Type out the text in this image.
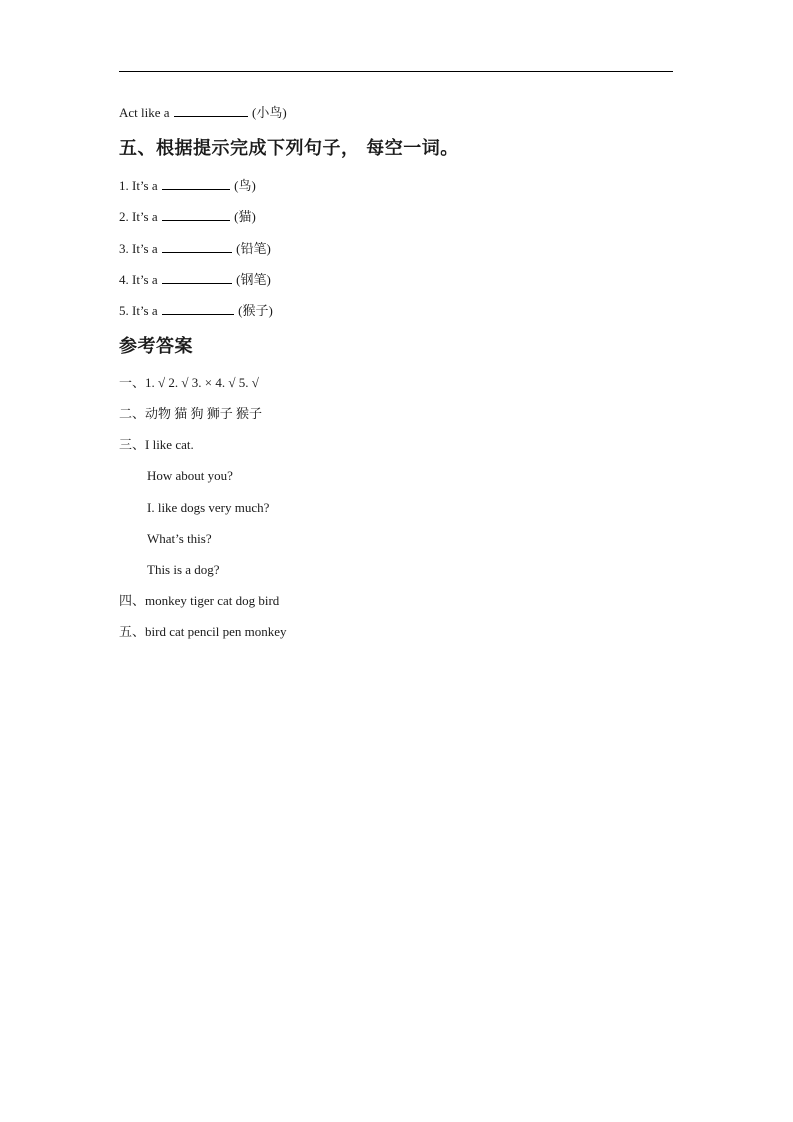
Act like a	(小鸟)
五、根据提示完成下列句子， 每空一词。
1. It’s a	(鸟)
2. It’s a	(猫)
3. It’s a	(铅笔)
4. It’s a	(钢笔)
5. It’s a	(猴子)
参考答案
一、1. √ 2. √ 3. × 4. √ 5. √
二、动物 猫 狗 狮子 猴子
三、I like cat.
How about you?
I. like dogs very much?
What’s this?
This is a dog?
四、monkey tiger cat dog bird
五、bird cat pencil pen monkey
